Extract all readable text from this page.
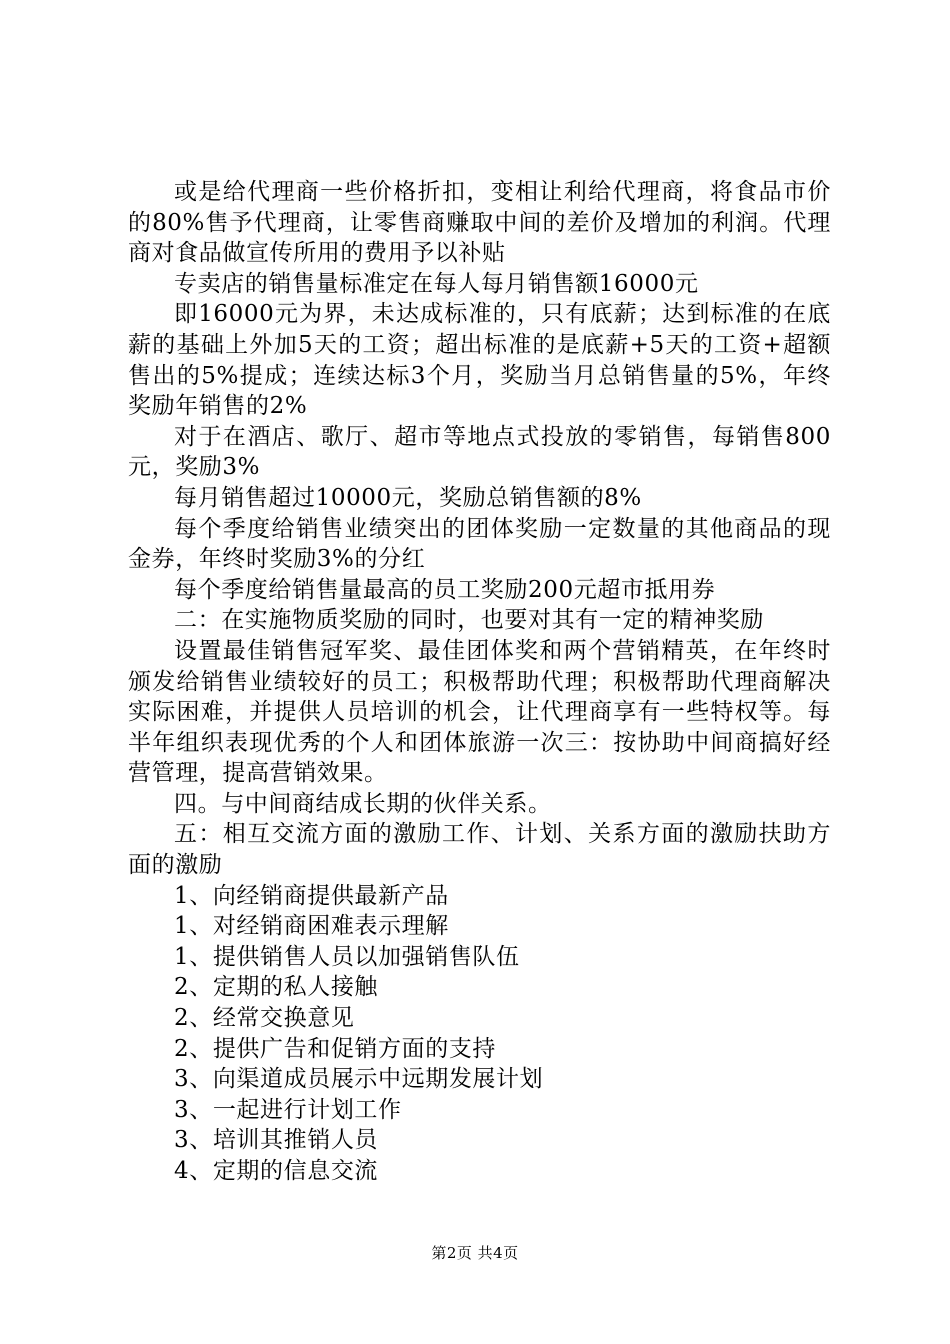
或是给代理商一些价格折扣，变相让利给代理商，将食品市价的80%售予代理商，让零售商赚取中间的差价及增加的利润。代理商对食品做宣传所用的费用予以补贴

专卖店的销售量标准定在每人每月销售额16000元

即16000元为界，未达成标准的，只有底薪；达到标准的在底薪的基础上外加5天的工资；超出标准的是底薪+5天的工资+超额售出的5%提成；连续达标3个月，奖励当月总销售量的5%，年终奖励年销售的2%

对于在酒店、歌厅、超市等地点式投放的零销售，每销售800元，奖励3%

每月销售超过10000元，奖励总销售额的8%

每个季度给销售业绩突出的团体奖励一定数量的其他商品的现金券，年终时奖励3%的分红

每个季度给销售量最高的员工奖励200元超市抵用券

二：在实施物质奖励的同时，也要对其有一定的精神奖励

设置最佳销售冠军奖、最佳团体奖和两个营销精英，在年终时颁发给销售业绩较好的员工；积极帮助代理；积极帮助代理商解决实际困难，并提供人员培训的机会，让代理商享有一些特权等。每半年组织表现优秀的个人和团体旅游一次三：按协助中间商搞好经营管理，提高营销效果。

四。与中间商结成长期的伙伴关系。

五：相互交流方面的激励工作、计划、关系方面的激励扶助方面的激励

1、向经销商提供最新产品

1、对经销商困难表示理解

1、提供销售人员以加强销售队伍

2、定期的私人接触

2、经常交换意见

2、提供广告和促销方面的支持

3、向渠道成员展示中远期发展计划

3、一起进行计划工作

3、培训其推销人员

4、定期的信息交流

第2页 共4页
